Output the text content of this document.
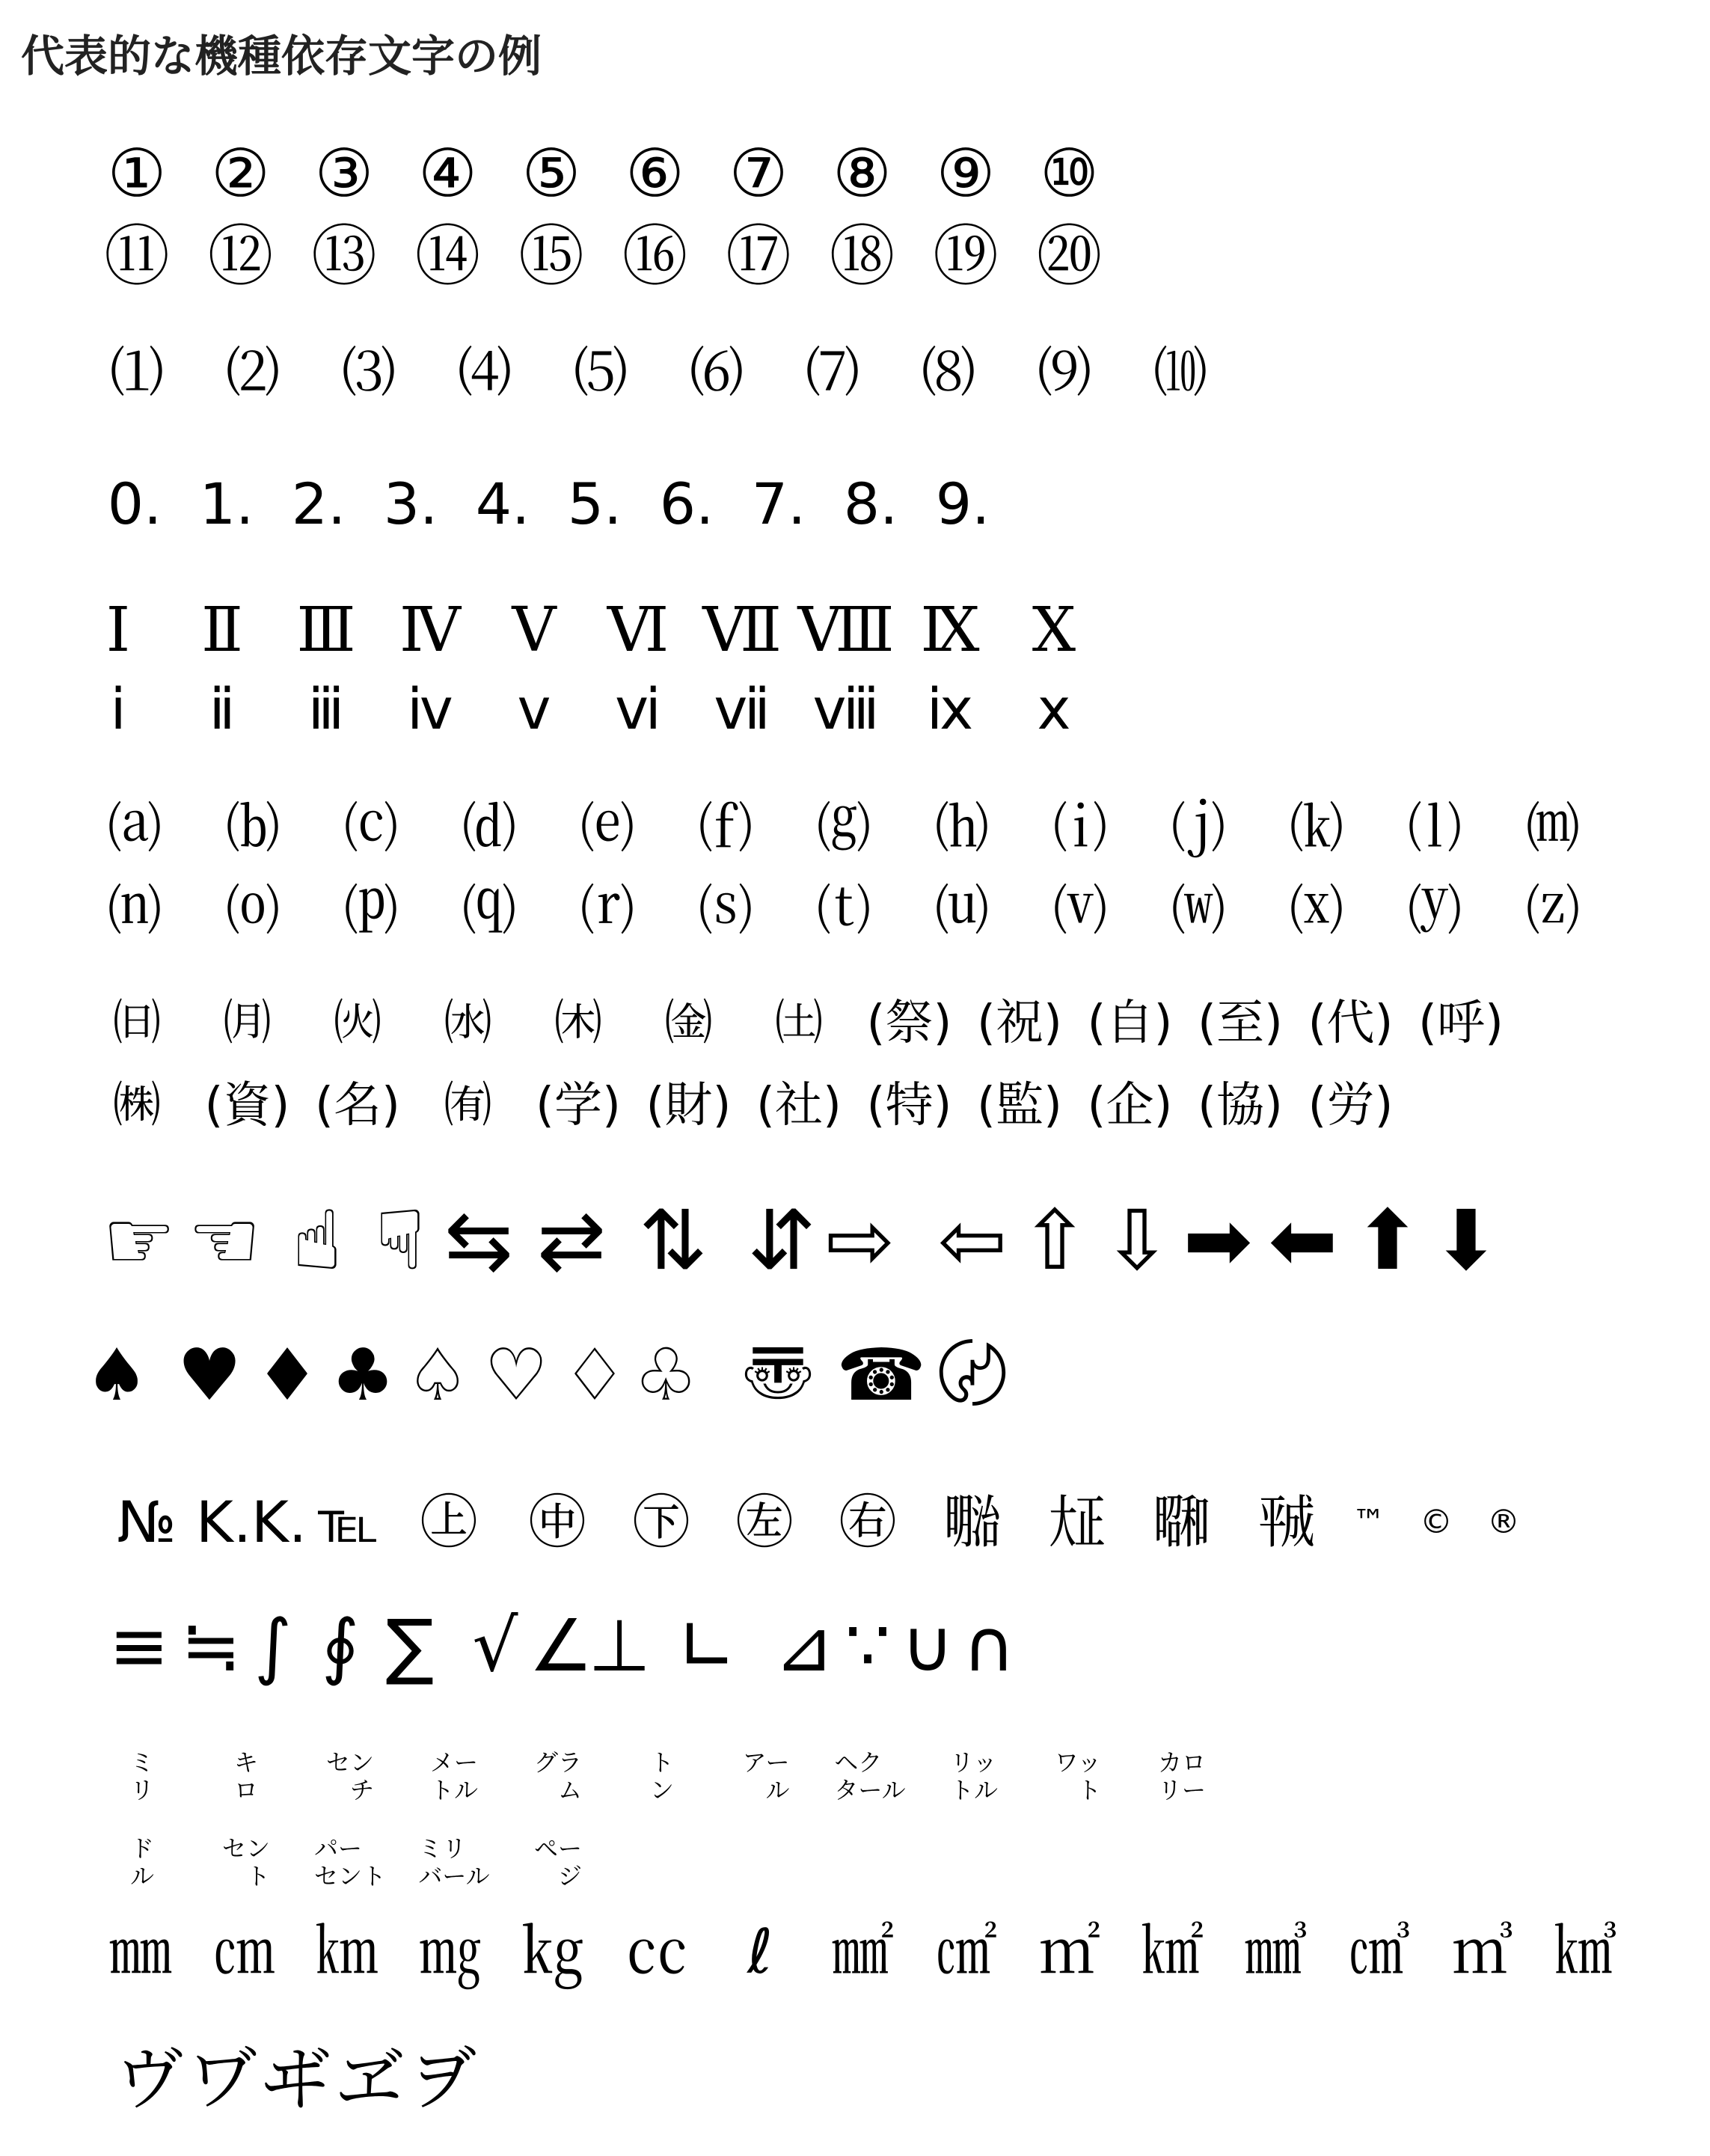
代表的な機種依存文字の例
① ② ③ ④ ⑤ ⑥ ⑦ ⑧ ⑨ ⑩
⑪ ⑫ ⑬ ⑭ ⑮ ⑯ ⑰ ⑱ ⑲ ⑳
⑴ ⑵ ⑶ ⑷ ⑸ ⑹ ⑺ ⑻ ⑼ ⑽
0. 1. 2. 3. 4. 5. 6. 7. 8. 9.
Ⅰ Ⅱ Ⅲ Ⅳ Ⅴ Ⅵ Ⅶ Ⅷ Ⅸ Ⅹ
ⅰ ⅱ ⅲ ⅳ ⅴ ⅵ ⅶ ⅷ ⅸ ⅹ
⒜ ⒝ ⒞ ⒟ ⒠ ⒡ ⒢ ⒣ ⒤ ⒥ ⒦ ⒧ ⒨
⒩ ⒪ ⒫ ⒬ ⒭ ⒮ ⒯ ⒰ ⒱ ⒲ ⒳ ⒴ ⒵
㈰ ㈪ ㈫ ㈬ ㈭ ㈮ ㈯ (祭) (祝) (自) (至) (代) (呼)
㈱ (資) (名) ㈲ (学) (財) (社) (特) (監) (企) (協) (労)
☞ ☜ ☝ ☟ ⇆ ⇄ ⇅ ⇵ ⇨ ⇦ ⇧ ⇩ ➡ ⬅ ⬆ ⬇
♠ ♥ ♦ ♣ ♤ ♡ ♢ ♧ 〠 ☎ 〄
№ K.K. ℡ ㊤ ㊥ ㊦ ㊧ ㊨ ㍾ ㍽ ㍼ ㍻ ™ © ®
≡ ≒ ∫ ∮ ∑ √ ∠
⊥ ∟ ⊿ ∵ ∪ ∩
ミ
リ
キ
ロ
セン
チ
メー
トル
グラ
ム
ト
ン
アー
ル
ヘク
タール
リッ
トル
ワッ
ト
カロ
リー
ド
ル
セン
ト
パー
セント
ミリ
バール
ペー
ジ
㎜ ㎝ ㎞ ㎎ ㎏ ㏄ ℓ ㎟ ㎠ ㎡ ㎢ ㎣ ㎤ ㎥ ㎦
ヴ ヷ ヸ ヹ ヺ
